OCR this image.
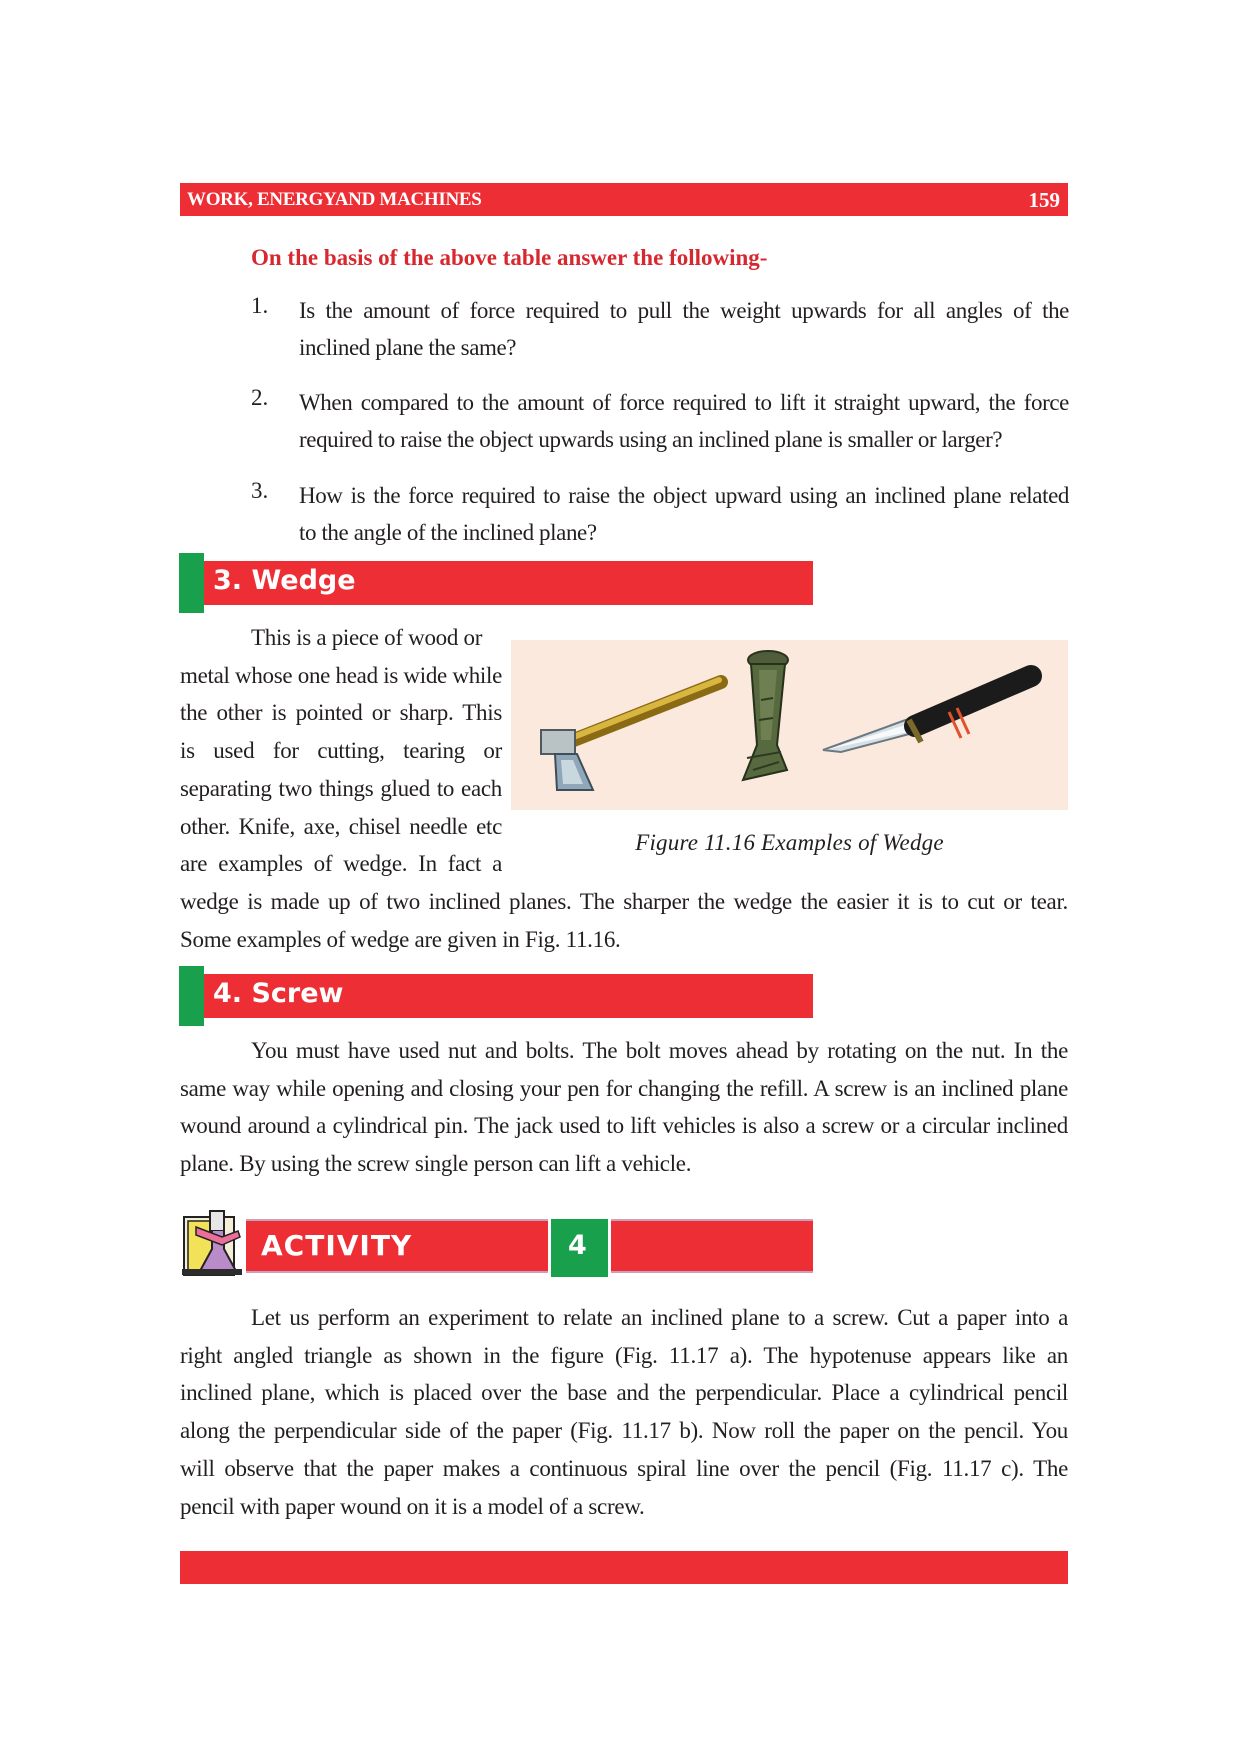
WORK, ENERGYAND MACHINES	159
On the basis of the above table answer the following-
1. Is the amount of force required to pull the weight upwards for all angles of the
inclined plane the same?
2. When compared to the amount of force required to lift it straight upward, the force
required to raise the object upwards using an inclined plane is smaller or larger?
3. How is the force required to raise the object upward using an inclined plane related
to the angle of the inclined plane?
3. Wedge
This is a piece of wood or
metal whose one head is wide while
the other is pointed or sharp. This
is used for cutting, tearing or
separating two things glued to each
other. Knife, axe, chisel needle etc
are examples of wedge. In fact a
wedge is made up of two inclined planes. The sharper the wedge the easier it is to cut or tear.
Some examples of wedge are given in Fig. 11.16.
Figure 11.16 Examples of Wedge
4. Screw
You must have used nut and bolts. The bolt moves ahead by rotating on the nut. In the
same way while opening and closing your pen for changing the refill. A screw is an inclined plane
wound around a cylindrical pin. The jack used to lift vehicles is also a screw or a circular inclined
plane. By using the screw single person can lift a vehicle.
ACTIVITY	4
Let us perform an experiment to relate an inclined plane to a screw. Cut a paper into a
right angled triangle as shown in the figure (Fig. 11.17 a). The hypotenuse appears like an
inclined plane, which is placed over the base and the perpendicular. Place a cylindrical pencil
along the perpendicular side of the paper (Fig. 11.17 b). Now roll the paper on the pencil. You
will observe that the paper makes a continuous spiral line over the pencil (Fig. 11.17 c). The
pencil with paper wound on it is a model of a screw.
